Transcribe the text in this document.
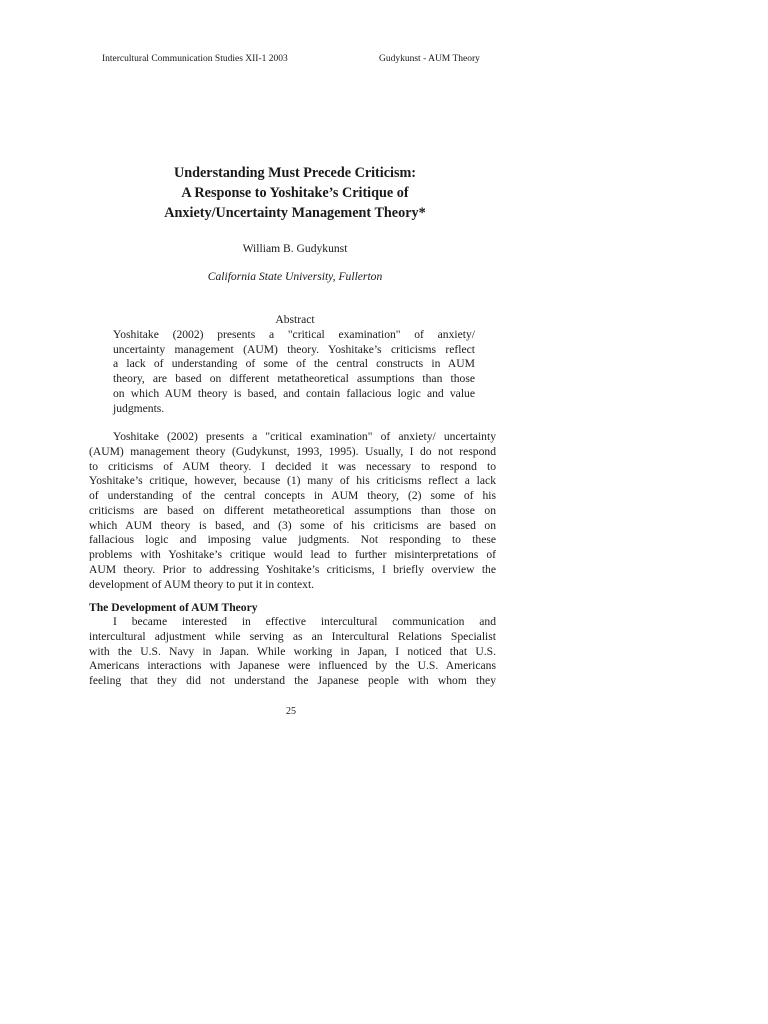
Intercultural Communication Studies XII-1 2003	Gudykunst - AUM Theory
Understanding Must Precede Criticism:
A Response to Yoshitake’s Critique of
Anxiety/Uncertainty Management Theory*
William B. Gudykunst
California State University, Fullerton
Abstract
Yoshitake (2002) presents a "critical examination" of anxiety/
uncertainty management (AUM) theory. Yoshitake’s criticisms reflect
a lack of understanding of some of the central constructs in AUM
theory, are based on different metatheoretical assumptions than those
on which AUM theory is based, and contain fallacious logic and value
judgments.
Yoshitake (2002) presents a "critical examination" of anxiety/ uncertainty
(AUM) management theory (Gudykunst, 1993, 1995). Usually, I do not respond
to criticisms of AUM theory. I decided it was necessary to respond to
Yoshitake’s critique, however, because (1) many of his criticisms reflect a lack
of understanding of the central concepts in AUM theory, (2) some of his
criticisms are based on different metatheoretical assumptions than those on
which AUM theory is based, and (3) some of his criticisms are based on
fallacious logic and imposing value judgments. Not responding to these
problems with Yoshitake’s critique would lead to further misinterpretations of
AUM theory. Prior to addressing Yoshitake’s criticisms, I briefly overview the
development of AUM theory to put it in context.
The Development of AUM Theory
I became interested in effective intercultural communication and
intercultural adjustment while serving as an Intercultural Relations Specialist
with the U.S. Navy in Japan. While working in Japan, I noticed that U.S.
Americans interactions with Japanese were influenced by the U.S. Americans
feeling that they did not understand the Japanese people with whom they
25
